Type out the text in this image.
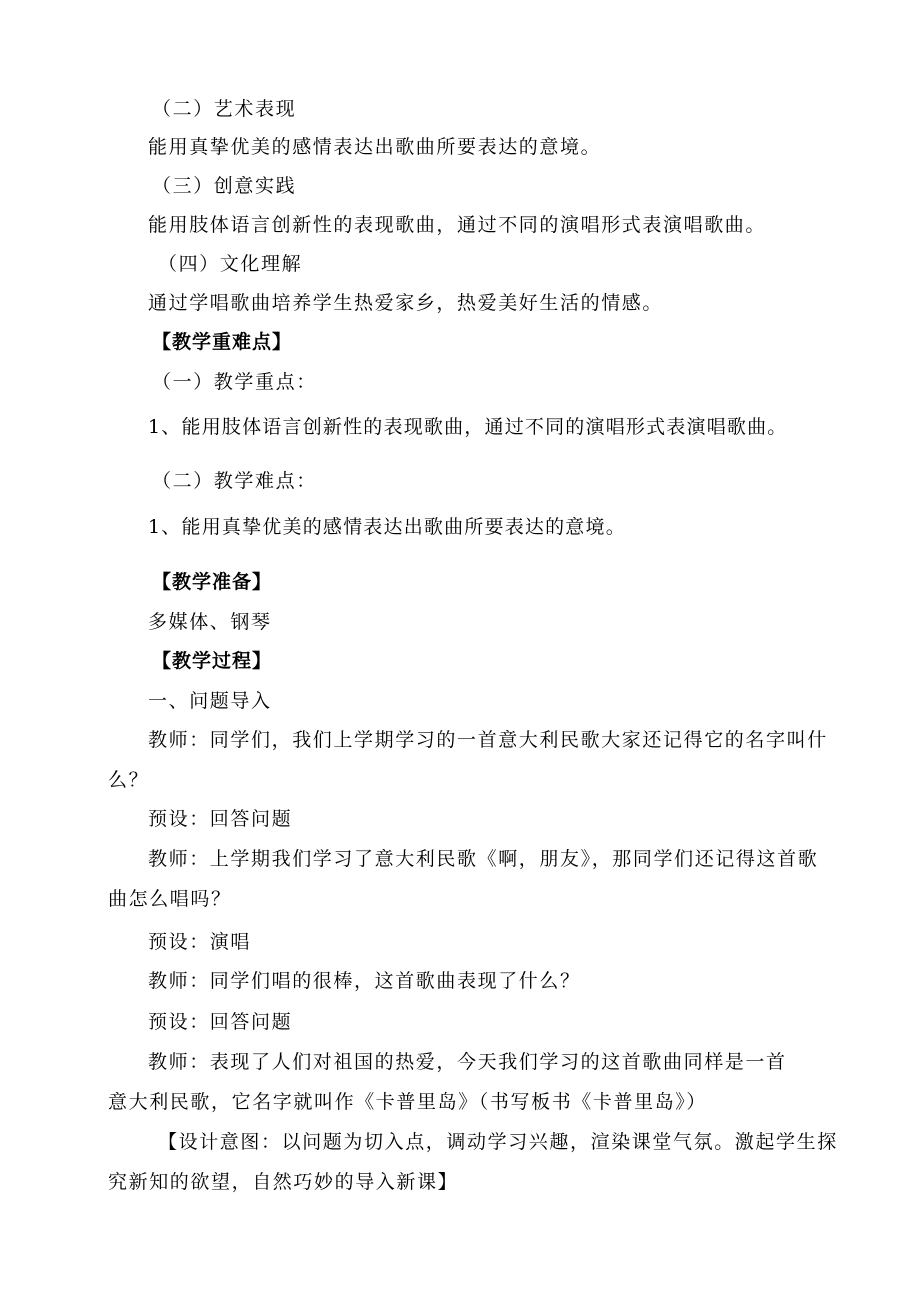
（二）艺术表现
能用真挚优美的感情表达出歌曲所要表达的意境。
（三）创意实践
能用肢体语言创新性的表现歌曲，通过不同的演唱形式表演唱歌曲。
（四）文化理解
通过学唱歌曲培养学生热爱家乡，热爱美好生活的情感。
【教学重难点】
（一）教学重点：
1、能用肢体语言创新性的表现歌曲，通过不同的演唱形式表演唱歌曲。
（二）教学难点：
1、能用真挚优美的感情表达出歌曲所要表达的意境。
【教学准备】
多媒体、钢琴
【教学过程】
一、问题导入
教师：同学们，我们上学期学习的一首意大利民歌大家还记得它的名字叫什
么？
预设：回答问题
教师：上学期我们学习了意大利民歌《啊，朋友》，那同学们还记得这首歌
曲怎么唱吗？
预设：演唱
教师：同学们唱的很棒，这首歌曲表现了什么？
预设：回答问题
教师：表现了人们对祖国的热爱，今天我们学习的这首歌曲同样是一首
意大利民歌，它名字就叫作《卡普里岛》（书写板书《卡普里岛》）
【设计意图：以问题为切入点，调动学习兴趣，渲染课堂气氛。激起学生探
究新知的欲望，自然巧妙的导入新课】
